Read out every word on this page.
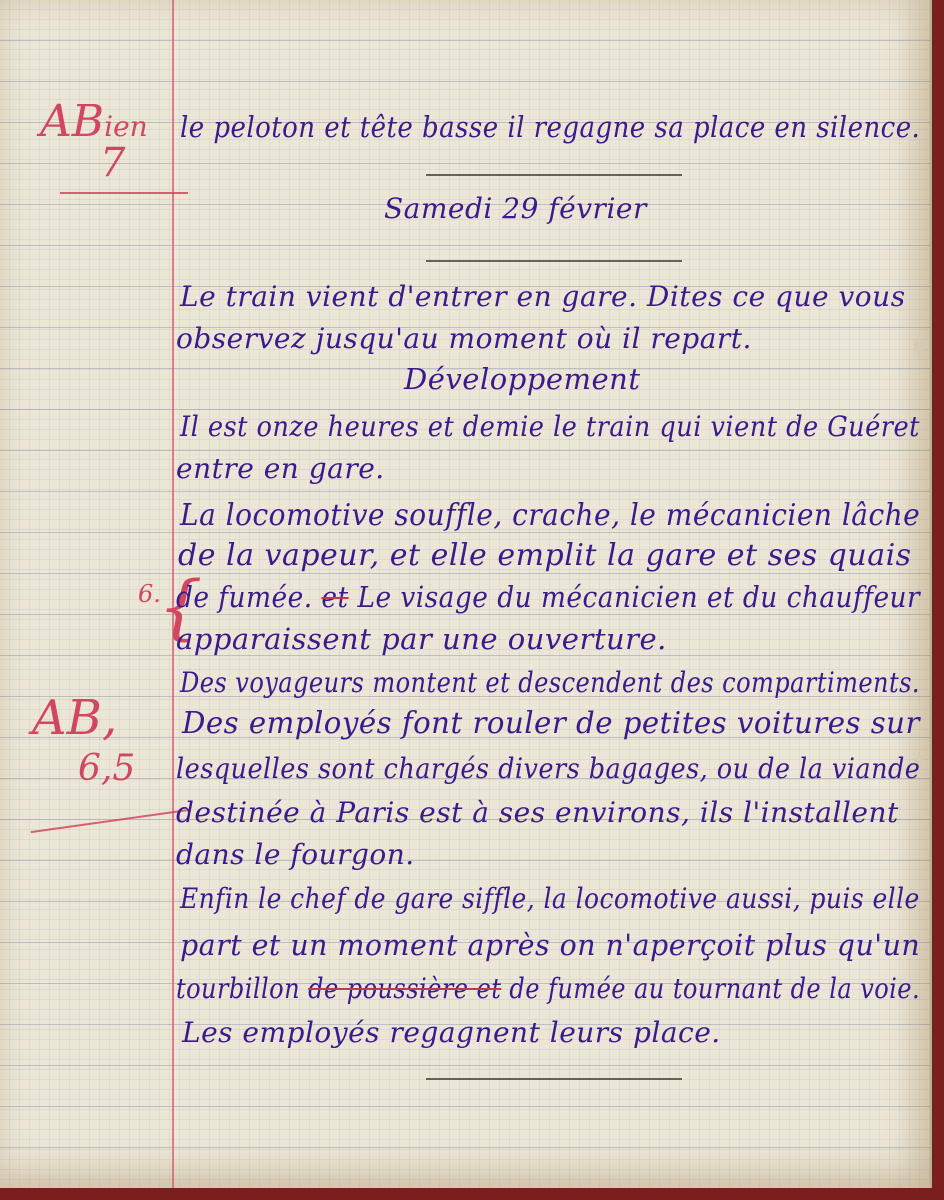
ABien
7
6.
{
AB,
6,5
le peloton et tête basse il regagne sa place en silence.
Samedi 29 février
Le train vient d'entrer en gare. Dites ce que vous
observez jusqu'au moment où il repart.
Développement
Il est onze heures et demie le train qui vient de Guéret
entre en gare.
La locomotive souffle, crache, le mécanicien lâche
de la vapeur, et elle emplit la gare et ses quais
de fumée. et Le visage du mécanicien et du chauffeur
apparaissent par une ouverture.
Des voyageurs montent et descendent des compartiments.
Des employés font rouler de petites voitures sur
lesquelles sont chargés divers bagages, ou de la viande
destinée à Paris est à ses environs, ils l'installent
dans le fourgon.
Enfin le chef de gare siffle, la locomotive aussi, puis elle
part et un moment après on n'aperçoit plus qu'un
tourbillon de poussière et de fumée au tournant de la voie.
Les employés regagnent leurs place.
